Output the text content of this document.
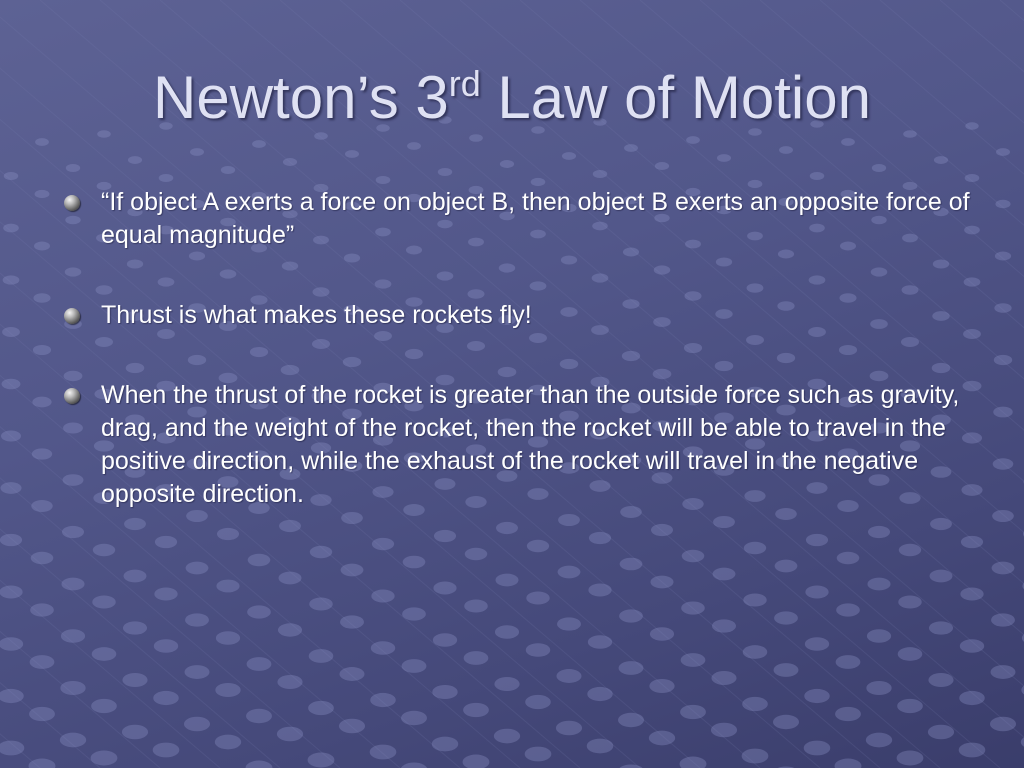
Newton’s 3rd Law of Motion
“If object A exerts a force on object B, then object B exerts an opposite force of equal magnitude”
Thrust is what makes these rockets fly!
When the thrust of the rocket is greater than the outside force such as gravity, drag, and the weight of the rocket, then the rocket will be able to travel in the positive direction, while the exhaust of the rocket will travel in the negative opposite direction.
